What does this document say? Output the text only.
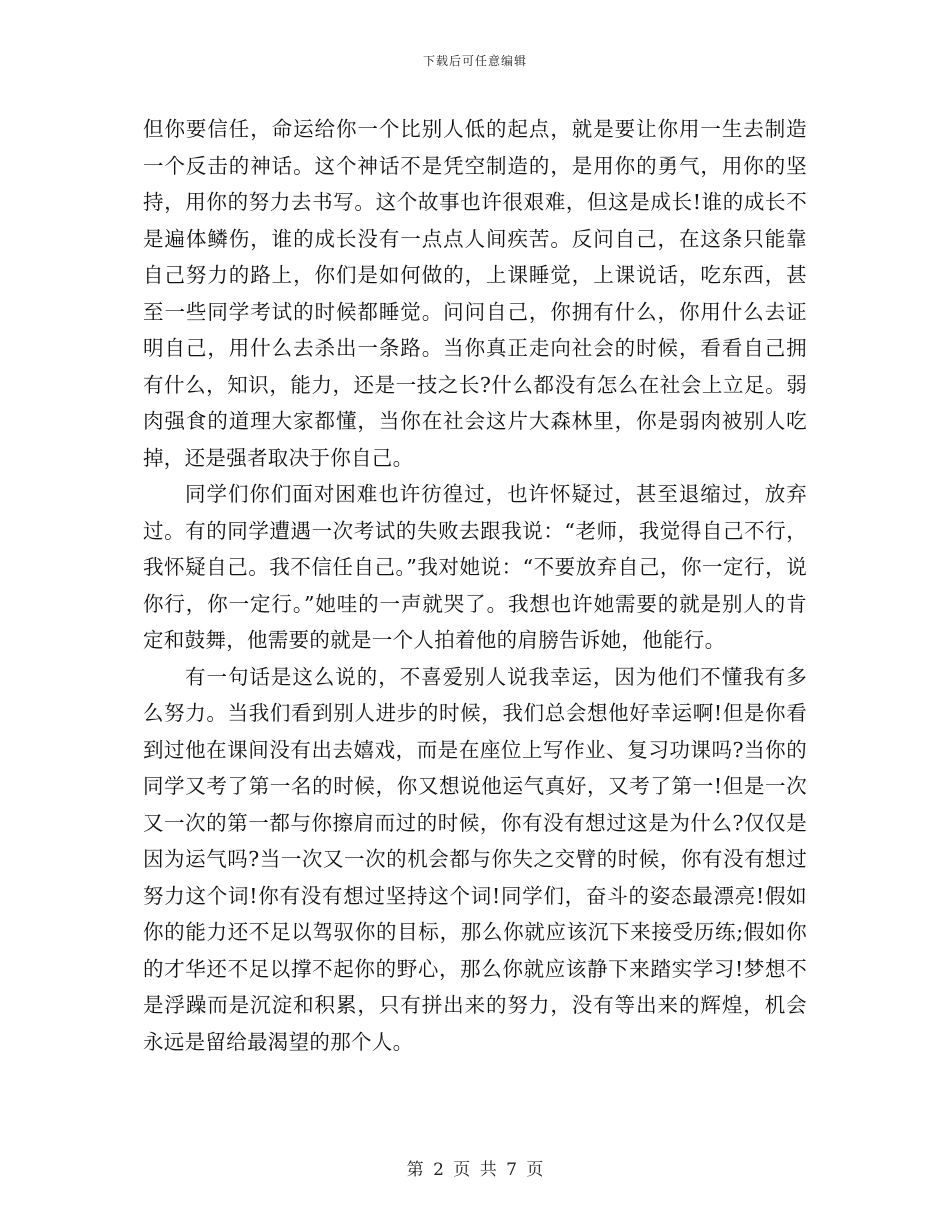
下载后可任意编辑

但你要信任，命运给你一个比别人低的起点，就是要让你用一生去制造一个反击的神话。这个神话不是凭空制造的，是用你的勇气，用你的坚持，用你的努力去书写。这个故事也许很艰难，但这是成长!谁的成长不是遍体鳞伤，谁的成长没有一点点人间疾苦。反问自己，在这条只能靠自己努力的路上，你们是如何做的，上课睡觉，上课说话，吃东西，甚至一些同学考试的时候都睡觉。问问自己，你拥有什么，你用什么去证明自己，用什么去杀出一条路。当你真正走向社会的时候，看看自己拥有什么，知识，能力，还是一技之长?什么都没有怎么在社会上立足。弱肉强食的道理大家都懂，当你在社会这片大森林里，你是弱肉被别人吃掉，还是强者取决于你自己。

同学们你们面对困难也许彷徨过，也许怀疑过，甚至退缩过，放弃过。有的同学遭遇一次考试的失败去跟我说：“老师，我觉得自己不行，我怀疑自己。我不信任自己。”我对她说：“不要放弃自己，你一定行，说你行，你一定行。”她哇的一声就哭了。我想也许她需要的就是别人的肯定和鼓舞，他需要的就是一个人拍着他的肩膀告诉她，他能行。

有一句话是这么说的，不喜爱别人说我幸运，因为他们不懂我有多么努力。当我们看到别人进步的时候，我们总会想他好幸运啊!但是你看到过他在课间没有出去嬉戏，而是在座位上写作业、复习功课吗?当你的同学又考了第一名的时候，你又想说他运气真好，又考了第一!但是一次又一次的第一都与你擦肩而过的时候，你有没有想过这是为什么?仅仅是因为运气吗?当一次又一次的机会都与你失之交臂的时候，你有没有想过努力这个词!你有没有想过坚持这个词!同学们，奋斗的姿态最漂亮!假如你的能力还不足以驾驭你的目标，那么你就应该沉下来接受历练;假如你的才华还不足以撑不起你的野心，那么你就应该静下来踏实学习!梦想不是浮躁而是沉淀和积累，只有拼出来的努力，没有等出来的辉煌，机会永远是留给最渴望的那个人。

第 2 页 共 7 页
